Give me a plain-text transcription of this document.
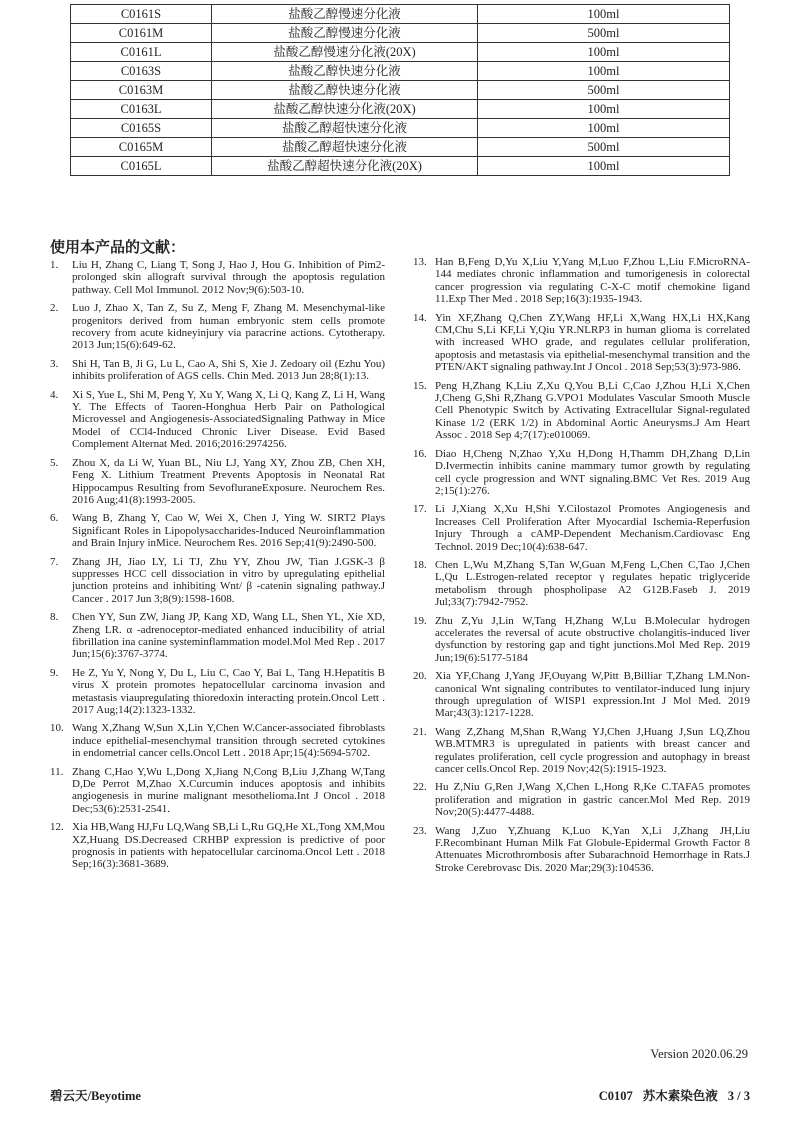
C0161S	盐酸乙醇慢速分化液	100ml
C0161M	盐酸乙醇慢速分化液	500ml
C0161L	盐酸乙醇慢速分化液(20X)	100ml
C0163S	盐酸乙醇快速分化液	100ml
C0163M	盐酸乙醇快速分化液	500ml
C0163L	盐酸乙醇快速分化液(20X)	100ml
C0165S	盐酸乙醇超快速分化液	100ml
C0165M	盐酸乙醇超快速分化液	500ml
C0165L	盐酸乙醇超快速分化液(20X)	100ml
使用本产品的文献：
1. Liu H, Zhang C, Liang T, Song J, Hao J, Hou G. Inhibition of Pim2-prolonged skin allograft survival through the apoptosis regulation pathway. Cell Mol Immunol. 2012 Nov;9(6):503-10.
2. Luo J, Zhao X, Tan Z, Su Z, Meng F, Zhang M. Mesenchymal-like progenitors derived from human embryonic stem cells promote recovery from acute kidneyinjury via paracrine actions. Cytotherapy. 2013 Jun;15(6):649-62.
3. Shi H, Tan B, Ji G, Lu L, Cao A, Shi S, Xie J. Zedoary oil (Ezhu You) inhibits proliferation of AGS cells. Chin Med. 2013 Jun 28;8(1):13.
4. Xi S, Yue L, Shi M, Peng Y, Xu Y, Wang X, Li Q, Kang Z, Li H, Wang Y. The Effects of Taoren-Honghua Herb Pair on Pathological Microvessel and Angiogenesis-AssociatedSignaling Pathway in Mice Model of CCl4-Induced Chronic Liver Disease. Evid Based Complement Alternat Med. 2016;2016:2974256.
5. Zhou X, da Li W, Yuan BL, Niu LJ, Yang XY, Zhou ZB, Chen XH, Feng X. Lithium Treatment Prevents Apoptosis in Neonatal Rat Hippocampus Resulting from SevofluraneExposure. Neurochem Res. 2016 Aug;41(8):1993-2005.
6. Wang B, Zhang Y, Cao W, Wei X, Chen J, Ying W. SIRT2 Plays Significant Roles in Lipopolysaccharides-Induced Neuroinflammation and Brain Injury inMice. Neurochem Res. 2016 Sep;41(9):2490-500.
7. Zhang JH, Jiao LY, Li TJ, Zhu YY, Zhou JW, Tian J.GSK-3 β suppresses HCC cell dissociation in vitro by upregulating epithelial junction proteins and inhibiting Wnt/ β -catenin signaling pathway.J Cancer . 2017 Jun 3;8(9):1598-1608.
8. Chen YY, Sun ZW, Jiang JP, Kang XD, Wang LL, Shen YL, Xie XD, Zheng LR. α -adrenoceptor-mediated enhanced inducibility of atrial fibrillation ina canine systeminflammation model.Mol Med Rep . 2017 Jun;15(6):3767-3774.
9. He Z, Yu Y, Nong Y, Du L, Liu C, Cao Y, Bai L, Tang H.Hepatitis B virus X protein promotes hepatocellular carcinoma invasion and metastasis viaupregulating thioredoxin interacting protein.Oncol Lett . 2017 Aug;14(2):1323-1332.
10. Wang X,Zhang W,Sun X,Lin Y,Chen W.Cancer-associated fibroblasts induce epithelial-mesenchymal transition through secreted cytokines in endometrial cancer cells.Oncol Lett . 2018 Apr;15(4):5694-5702.
11. Zhang C,Hao Y,Wu L,Dong X,Jiang N,Cong B,Liu J,Zhang W,Tang D,De Perrot M,Zhao X.Curcumin induces apoptosis and inhibits angiogenesis in murine malignant mesothelioma.Int J Oncol . 2018 Dec;53(6):2531-2541.
12. Xia HB,Wang HJ,Fu LQ,Wang SB,Li L,Ru GQ,He XL,Tong XM,Mou XZ,Huang DS.Decreased CRHBP expression is predictive of poor prognosis in patients with hepatocellular carcinoma.Oncol Lett . 2018 Sep;16(3):3681-3689.
13. Han B,Feng D,Yu X,Liu Y,Yang M,Luo F,Zhou L,Liu F.MicroRNA-144 mediates chronic inflammation and tumorigenesis in colorectal cancer progression via regulating C-X-C motif chemokine ligand 11.Exp Ther Med . 2018 Sep;16(3):1935-1943.
14. Yin XF,Zhang Q,Chen ZY,Wang HF,Li X,Wang HX,Li HX,Kang CM,Chu S,Li KF,Li Y,Qiu YR.NLRP3 in human glioma is correlated with increased WHO grade, and regulates cellular proliferation, apoptosis and metastasis via epithelial-mesenchymal transition and the PTEN/AKT signaling pathway.Int J Oncol . 2018 Sep;53(3):973-986.
15. Peng H,Zhang K,Liu Z,Xu Q,You B,Li C,Cao J,Zhou H,Li X,Chen J,Cheng G,Shi R,Zhang G.VPO1 Modulates Vascular Smooth Muscle Cell Phenotypic Switch by Activating Extracellular Signal-regulated Kinase 1/2 (ERK 1/2) in Abdominal Aortic Aneurysms.J Am Heart Assoc . 2018 Sep 4;7(17):e010069.
16. Diao H,Cheng N,Zhao Y,Xu H,Dong H,Thamm DH,Zhang D,Lin D.Ivermectin inhibits canine mammary tumor growth by regulating cell cycle progression and WNT signaling.BMC Vet Res. 2019 Aug 2;15(1):276.
17. Li J,Xiang X,Xu H,Shi Y.Cilostazol Promotes Angiogenesis and Increases Cell Proliferation After Myocardial Ischemia-Reperfusion Injury Through a cAMP-Dependent Mechanism.Cardiovasc Eng Technol. 2019 Dec;10(4):638-647.
18. Chen L,Wu M,Zhang S,Tan W,Guan M,Feng L,Chen C,Tao J,Chen L,Qu L.Estrogen-related receptor γ regulates hepatic triglyceride metabolism through phospholipase A2 G12B.Faseb J. 2019 Jul;33(7):7942-7952.
19. Zhu Z,Yu J,Lin W,Tang H,Zhang W,Lu B.Molecular hydrogen accelerates the reversal of acute obstructive cholangitis-induced liver dysfunction by restoring gap and tight junctions.Mol Med Rep. 2019 Jun;19(6):5177-5184
20. Xia YF,Chang J,Yang JF,Ouyang W,Pitt B,Billiar T,Zhang LM.Non-canonical Wnt signaling contributes to ventilator-induced lung injury through upregulation of WISP1 expression.Int J Mol Med. 2019 Mar;43(3):1217-1228.
21. Wang Z,Zhang M,Shan R,Wang YJ,Chen J,Huang J,Sun LQ,Zhou WB.MTMR3 is upregulated in patients with breast cancer and regulates proliferation, cell cycle progression and autophagy in breast cancer cells.Oncol Rep. 2019 Nov;42(5):1915-1923.
22. Hu Z,Niu G,Ren J,Wang X,Chen L,Hong R,Ke C.TAFA5 promotes proliferation and migration in gastric cancer.Mol Med Rep. 2019 Nov;20(5):4477-4488.
23. Wang J,Zuo Y,Zhuang K,Luo K,Yan X,Li J,Zhang JH,Liu F.Recombinant Human Milk Fat Globule-Epidermal Growth Factor 8 Attenuates Microthrombosis after Subarachnoid Hemorrhage in Rats.J Stroke Cerebrovasc Dis. 2020 Mar;29(3):104536.
Version 2020.06.29
碧云天/Beyotime	C0107 苏木素染色液 3 / 3
